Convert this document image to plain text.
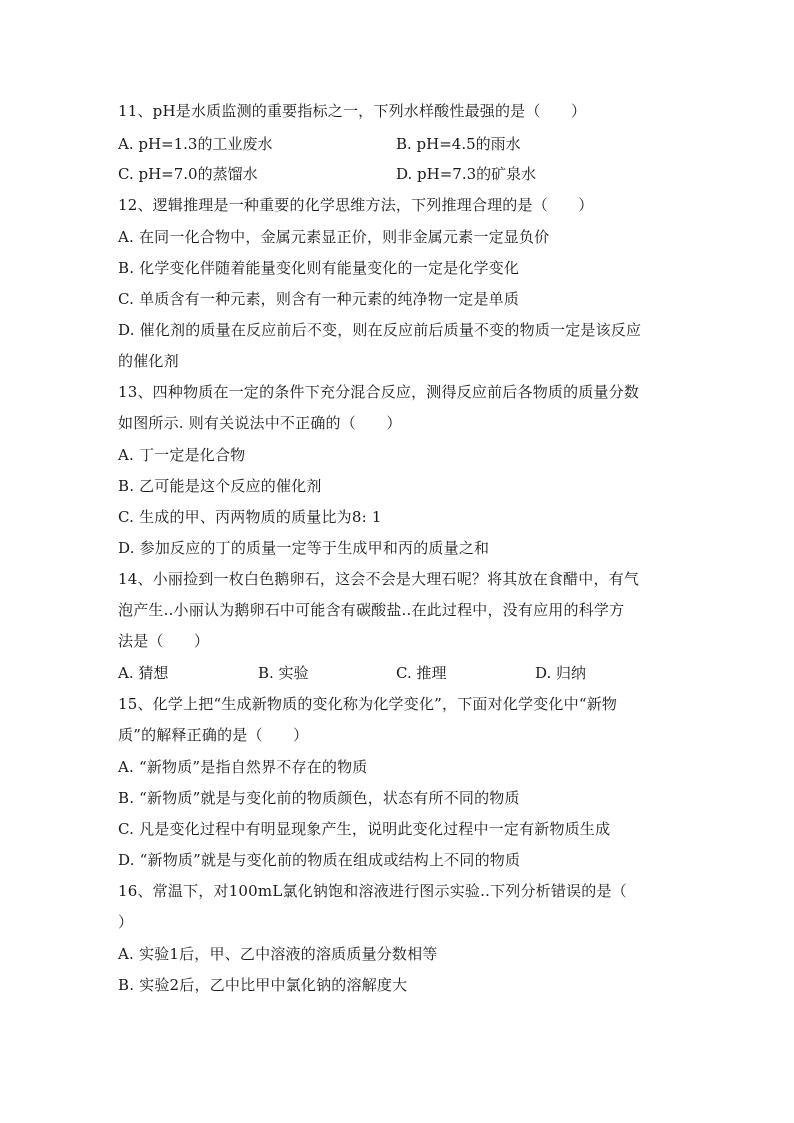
11、pH是水质监测的重要指标之一，下列水样酸性最强的是（　　）
A. pH=1.3的工业废水	B. pH=4.5的雨水
C. pH=7.0的蒸馏水	D. pH=7.3的矿泉水
12、逻辑推理是一种重要的化学思维方法，下列推理合理的是（　　）
A. 在同一化合物中，金属元素显正价，则非金属元素一定显负价
B. 化学变化伴随着能量变化则有能量变化的一定是化学变化
C. 单质含有一种元素，则含有一种元素的纯净物一定是单质
D. 催化剂的质量在反应前后不变，则在反应前后质量不变的物质一定是该反应
的催化剂
13、四种物质在一定的条件下充分混合反应，测得反应前后各物质的质量分数
如图所示. 则有关说法中不正确的（　　）
A. 丁一定是化合物
B. 乙可能是这个反应的催化剂
C. 生成的甲、丙两物质的质量比为8: 1
D. 参加反应的丁的质量一定等于生成甲和丙的质量之和
14、小丽捡到一枚白色鹅卵石，这会不会是大理石呢？将其放在食醋中，有气
泡产生..小丽认为鹅卵石中可能含有碳酸盐..在此过程中，没有应用的科学方
法是（　　）
A. 猜想	B. 实验	C. 推理	D. 归纳
15、化学上把“生成新物质的变化称为化学变化”，下面对化学变化中“新物
质”的解释正确的是（　　）
A. “新物质”是指自然界不存在的物质
B. “新物质”就是与变化前的物质颜色，状态有所不同的物质
C. 凡是变化过程中有明显现象产生，说明此变化过程中一定有新物质生成
D. “新物质”就是与变化前的物质在组成或结构上不同的物质
16、常温下，对100mL氯化钠饱和溶液进行图示实验..下列分析错误的是（
）
A. 实验1后，甲、乙中溶液的溶质质量分数相等
B. 实验2后，乙中比甲中氯化钠的溶解度大
